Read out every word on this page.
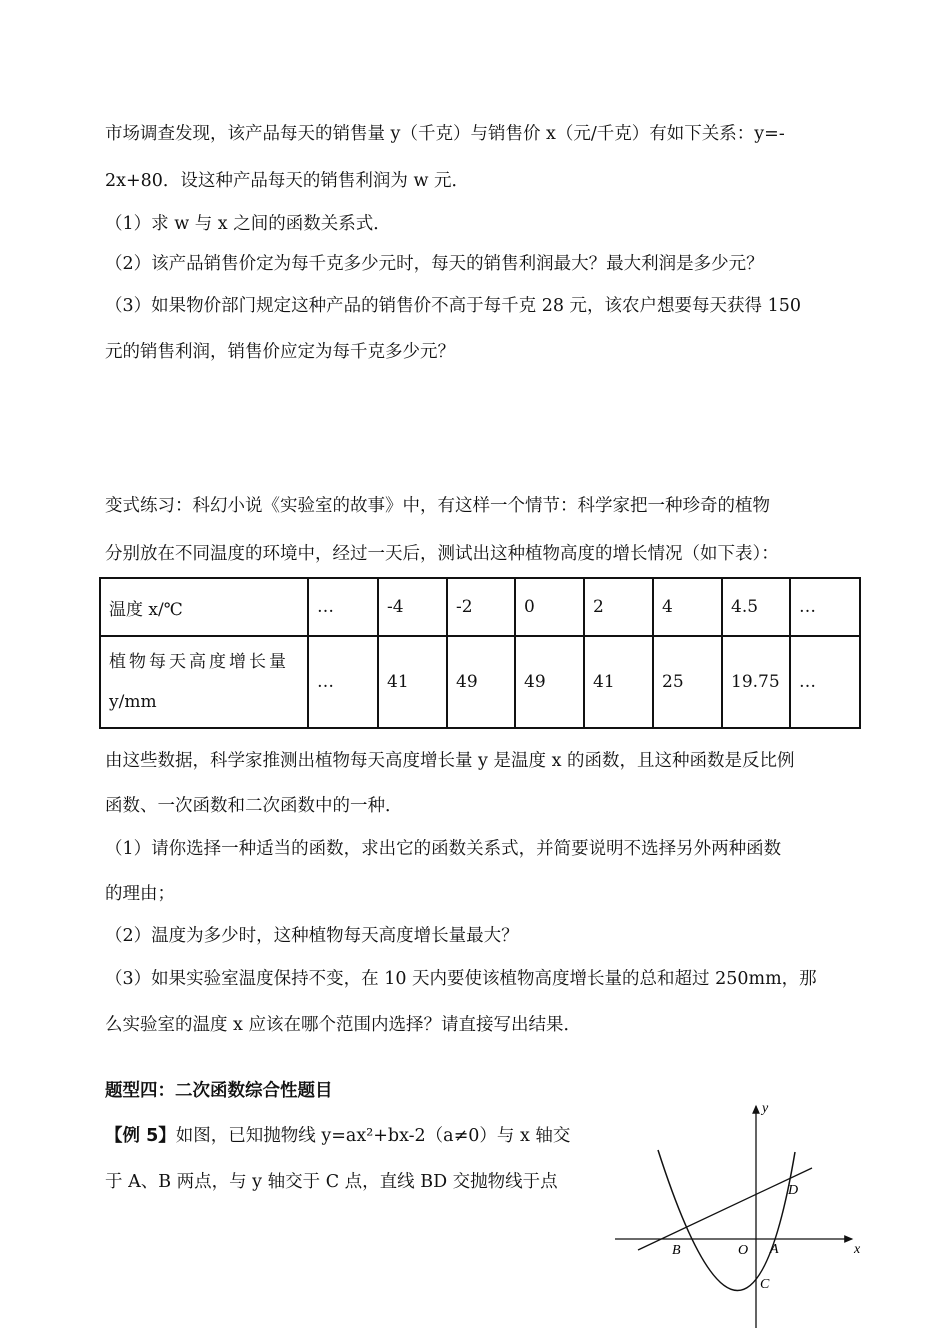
市场调查发现，该产品每天的销售量 y（千克）与销售价 x（元/千克）有如下关系：y=-
2x+80．设这种产品每天的销售利润为 w 元．
（1）求 w 与 x 之间的函数关系式．
（2）该产品销售价定为每千克多少元时，每天的销售利润最大？最大利润是多少元？
（3）如果物价部门规定这种产品的销售价不高于每千克 28 元，该农户想要每天获得 150
元的销售利润，销售价应定为每千克多少元？
变式练习：科幻小说《实验室的故事》中，有这样一个情节：科学家把一种珍奇的植物
分别放在不同温度的环境中，经过一天后，测试出这种植物高度的增长情况（如下表）：
温度 x/℃	…	-4	-2	0	2	4	4.5	…

植物每天高度增长量
y/mm	…	41	49	49	41	25	19.75	…
由这些数据，科学家推测出植物每天高度增长量 y 是温度 x 的函数，且这种函数是反比例
函数、一次函数和二次函数中的一种．
（1）请你选择一种适当的函数，求出它的函数关系式，并简要说明不选择另外两种函数
的理由；
（2）温度为多少时，这种植物每天高度增长量最大？
（3）如果实验室温度保持不变，在 10 天内要使该植物高度增长量的总和超过 250mm，那
么实验室的温度 x 应该在哪个范围内选择？请直接写出结果．
题型四：二次函数综合性题目
【例 5】如图，已知抛物线 y=ax²+bx-2（a≠0）与 x 轴交
于 A、B 两点，与 y 轴交于 C 点，直线 BD 交抛物线于点
y
x
O A
B
C
D
